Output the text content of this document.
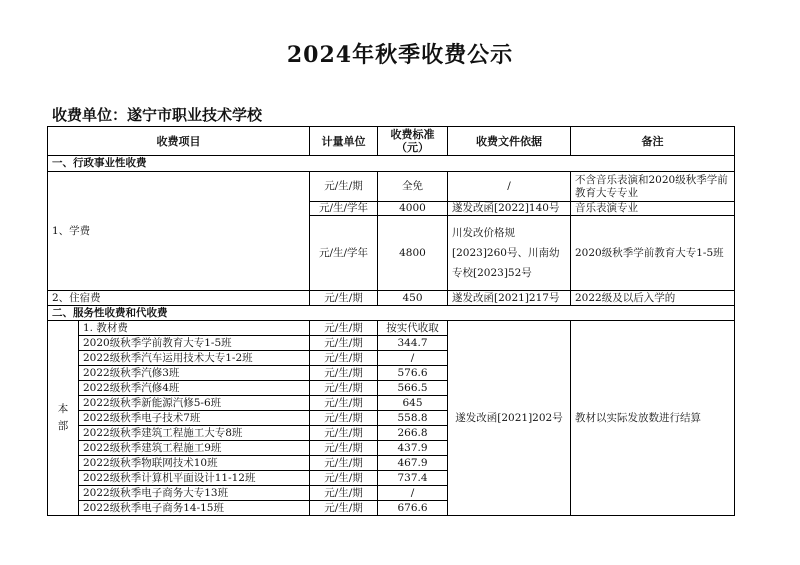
2024年秋季收费公示
收费单位：遂宁市职业技术学校
收费项目		计量单位	收费标准（元）	收费文件依据	备注
一、行政事业性收费					
1、学费		元/生/期	全免	/	不含音乐表演和2020级秋季学前教育大专专业
		元/生/学年	4000	遂发改函[2022]140号	音乐表演专业
		元/生/学年	4800	川发改价格规[2023]260号、川南幼专校[2023]52号	2020级秋季学前教育大专1-5班
2、住宿费		元/生/期	450	遂发改函[2021]217号	2022级及以后入学的
二、服务性收费和代收费					
本部	1. 教材费	元/生/期	按实代收取	遂发改函[2021]202号	教材以实际发放数进行结算
	2020级秋季学前教育大专1-5班	元/生/期	344.7		
	2022级秋季汽车运用技术大专1-2班	元/生/期	/		
	2022级秋季汽修3班	元/生/期	576.6		
	2022级秋季汽修4班	元/生/期	566.5		
	2022级秋季新能源汽修5-6班	元/生/期	645		
	2022级秋季电子技术7班	元/生/期	558.8		
	2022级秋季建筑工程施工大专8班	元/生/期	266.8		
	2022级秋季建筑工程施工9班	元/生/期	437.9		
	2022级秋季物联网技术10班	元/生/期	467.9		
	2022级秋季计算机平面设计11-12班	元/生/期	737.4		
	2022级秋季电子商务大专13班	元/生/期	/		
	2022级秋季电子商务14-15班	元/生/期	676.6		
